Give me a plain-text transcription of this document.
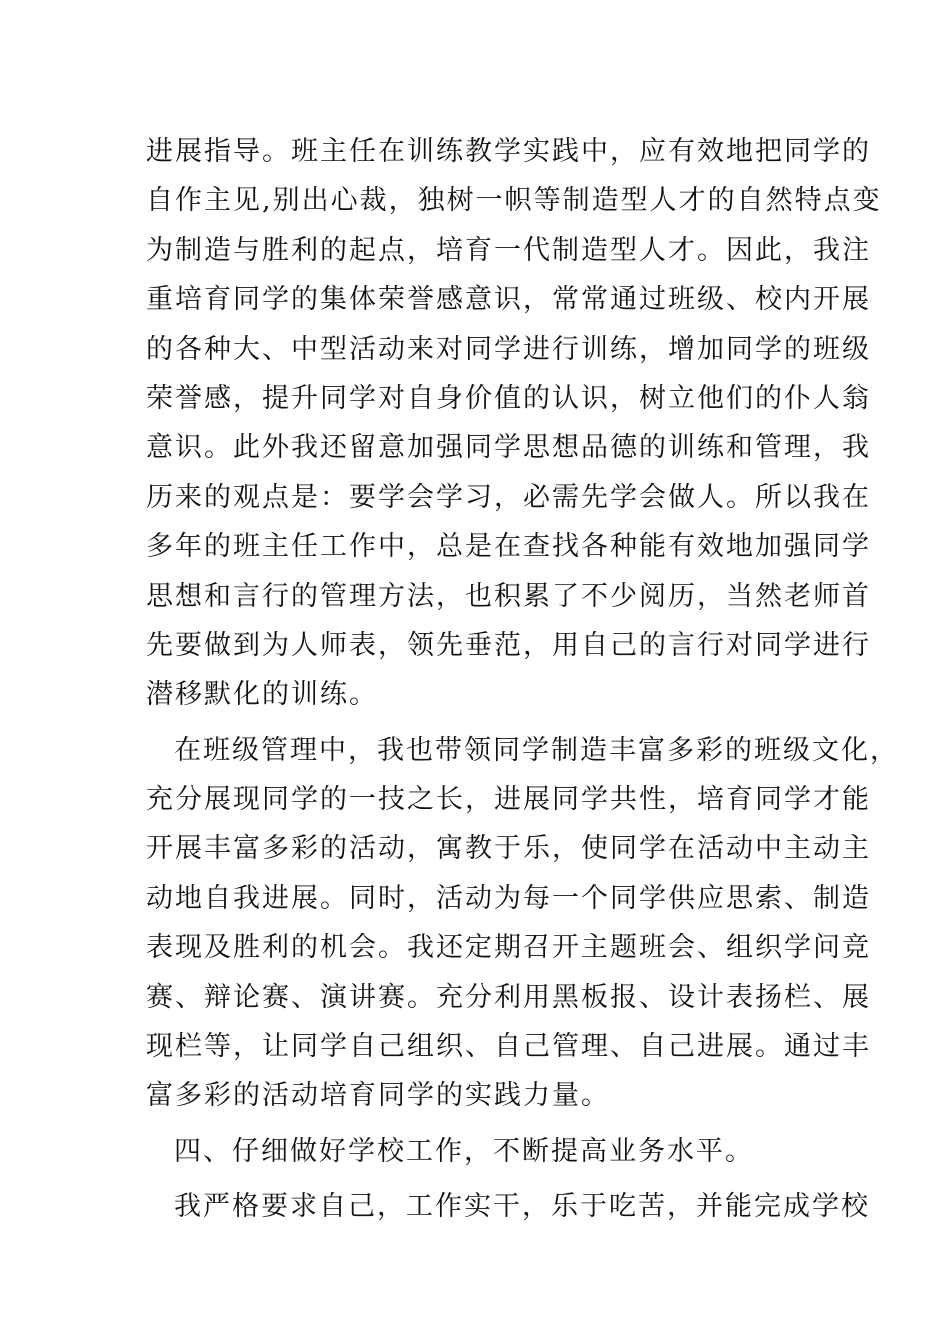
进展指导。班主任在训练教学实践中，应有效地把同学的
自作主见,别出心裁，独树一帜等制造型人才的自然特点变
为制造与胜利的起点，培育一代制造型人才。因此，我注
重培育同学的集体荣誉感意识，常常通过班级、校内开展
的各种大、中型活动来对同学进行训练，增加同学的班级
荣誉感，提升同学对自身价值的认识，树立他们的仆人翁
意识。此外我还留意加强同学思想品德的训练和管理，我
历来的观点是：要学会学习，必需先学会做人。所以我在
多年的班主任工作中，总是在查找各种能有效地加强同学
思想和言行的管理方法，也积累了不少阅历，当然老师首
先要做到为人师表，领先垂范，用自己的言行对同学进行
潜移默化的训练。
在班级管理中，我也带领同学制造丰富多彩的班级文化，
充分展现同学的一技之长，进展同学共性，培育同学才能
开展丰富多彩的活动，寓教于乐，使同学在活动中主动主
动地自我进展。同时，活动为每一个同学供应思索、制造
表现及胜利的机会。我还定期召开主题班会、组织学问竞
赛、辩论赛、演讲赛。充分利用黑板报、设计表扬栏、展
现栏等，让同学自己组织、自己管理、自己进展。通过丰
富多彩的活动培育同学的实践力量。
四、仔细做好学校工作，不断提高业务水平。
我严格要求自己，工作实干，乐于吃苦，并能完成学校
